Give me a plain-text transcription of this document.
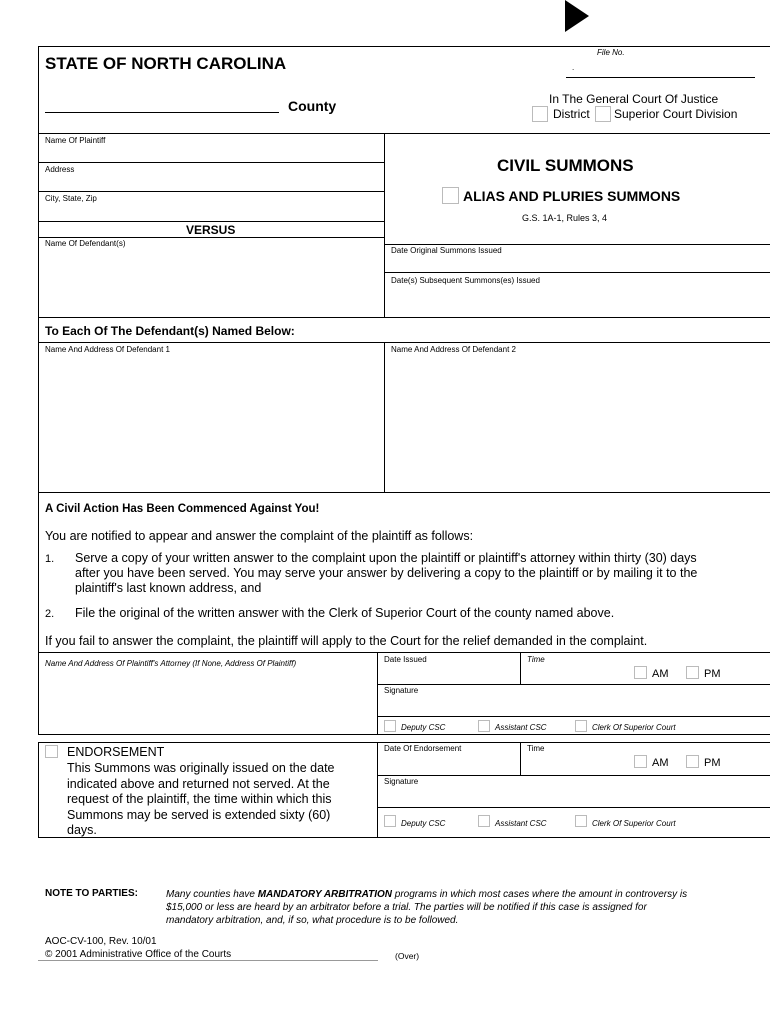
STATE OF NORTH CAROLINA
File No.
.
County	In The General Court Of Justice
District Superior Court Division
Name Of Plaintiff
Address
City, State, Zip
VERSUS
Name Of Defendant(s)
CIVIL SUMMONS
ALIAS AND PLURIES SUMMONS
G.S. 1A-1, Rules 3, 4
Date Original Summons Issued
Date(s) Subsequent Summons(es) Issued
To Each Of The Defendant(s) Named Below:
Name And Address Of Defendant 1	Name And Address Of Defendant 2
A Civil Action Has Been Commenced Against You!
You are notified to appear and answer the complaint of the plaintiff as follows:
1. Serve a copy of your written answer to the complaint upon the plaintiff or plaintiff's attorney within thirty (30) days
after you have been served. You may serve your answer by delivering a copy to the plaintiff or by mailing it to the
plaintiff's last known address, and
2. File the original of the written answer with the Clerk of Superior Court of the county named above.
If you fail to answer the complaint, the plaintiff will apply to the Court for the relief demanded in the complaint.
Name And Address Of Plaintiff's Attorney (If None, Address Of Plaintiff)	Date Issued	Time
AM	PM
Signature
Deputy CSC	Assistant CSC	Clerk Of Superior Court
ENDORSEMENT
This Summons was originally issued on the date
indicated above and returned not served. At the
request of the plaintiff, the time within which this
Summons may be served is extended sixty (60)
days.
Date Of Endorsement	Time
AM	PM
Signature
Deputy CSC	Assistant CSC	Clerk Of Superior Court
NOTE TO PARTIES:	Many counties have MANDATORY ARBITRATION programs in which most cases where the amount in controversy is
$15,000 or less are heard by an arbitrator before a trial. The parties will be notified if this case is assigned for
mandatory arbitration, and, if so, what procedure is to be followed.
AOC-CV-100, Rev. 10/01
© 2001 Administrative Office of the Courts	(Over)
